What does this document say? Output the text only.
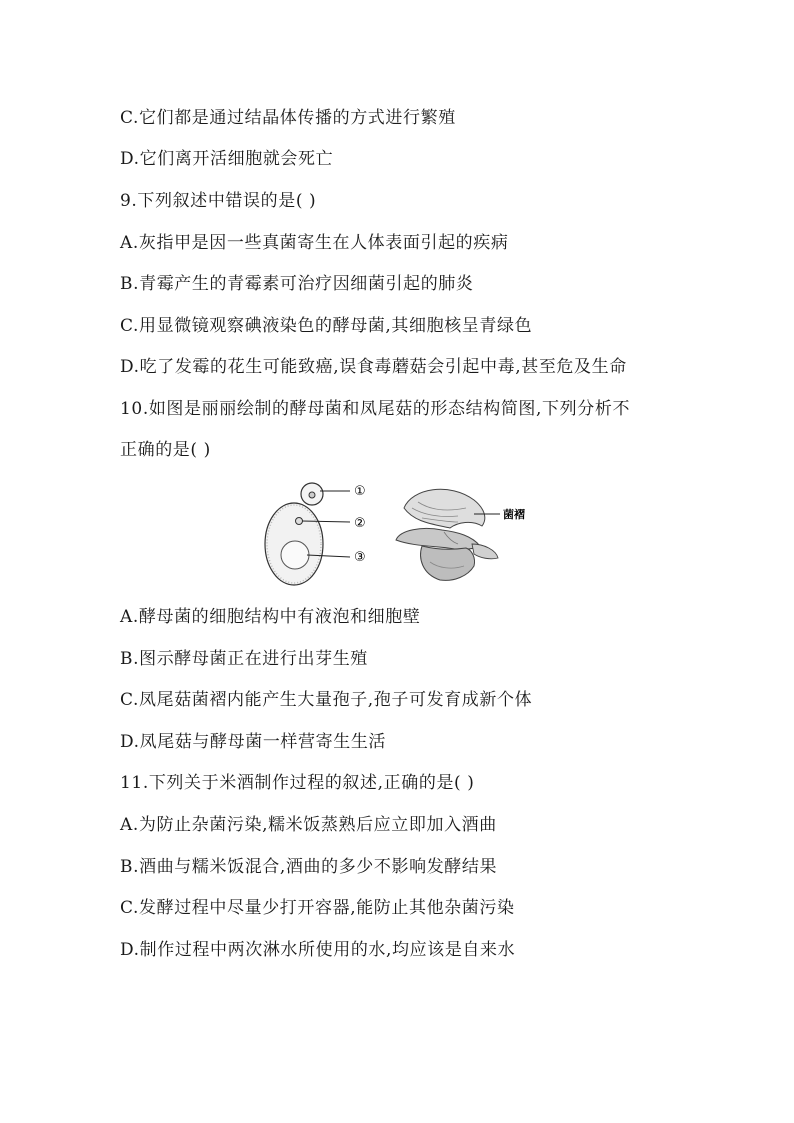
C.它们都是通过结晶体传播的方式进行繁殖
D.它们离开活细胞就会死亡
9.下列叙述中错误的是( )
A.灰指甲是因一些真菌寄生在人体表面引起的疾病
B.青霉产生的青霉素可治疗因细菌引起的肺炎
C.用显微镜观察碘液染色的酵母菌,其细胞核呈青绿色
D.吃了发霉的花生可能致癌,误食毒蘑菇会引起中毒,甚至危及生命
10.如图是丽丽绘制的酵母菌和凤尾菇的形态结构简图,下列分析不
正确的是( )
①
②
③
菌褶
A.酵母菌的细胞结构中有液泡和细胞壁
B.图示酵母菌正在进行出芽生殖
C.凤尾菇菌褶内能产生大量孢子,孢子可发育成新个体
D.凤尾菇与酵母菌一样营寄生生活
11.下列关于米酒制作过程的叙述,正确的是( )
A.为防止杂菌污染,糯米饭蒸熟后应立即加入酒曲
B.酒曲与糯米饭混合,酒曲的多少不影响发酵结果
C.发酵过程中尽量少打开容器,能防止其他杂菌污染
D.制作过程中两次淋水所使用的水,均应该是自来水
